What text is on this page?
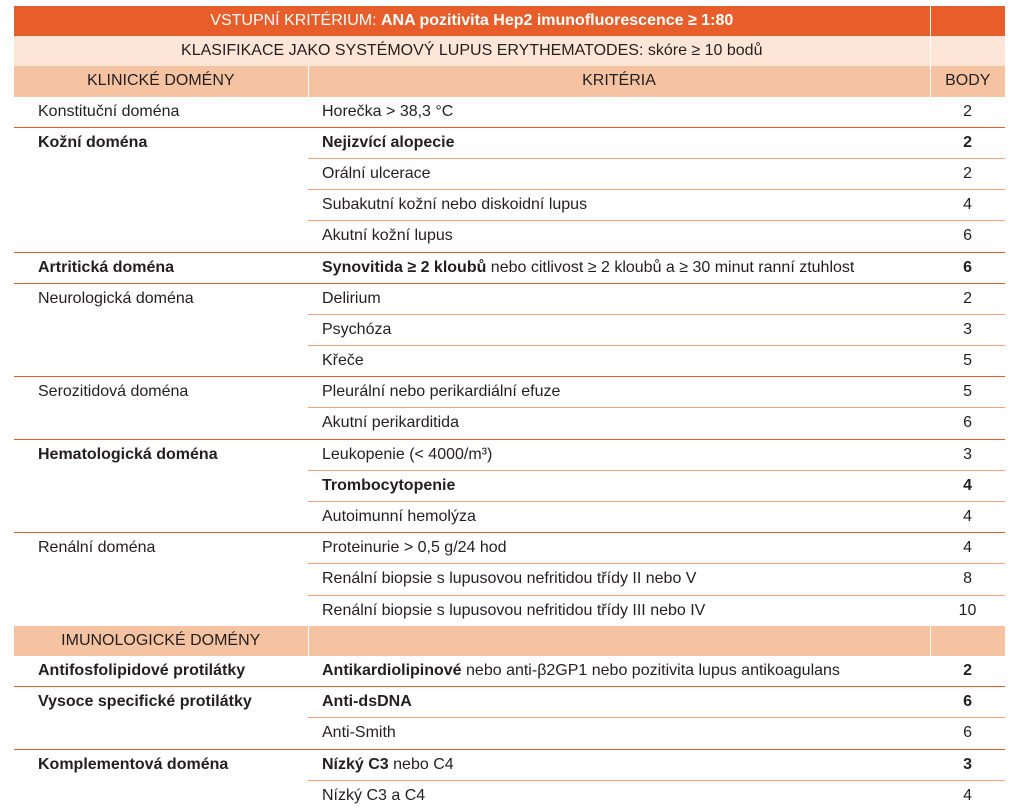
VSTUPNÍ KRITÉRIUM: ANA pozitivita Hep2 imunofluorescence ≥ 1:80		
KLASIFIKACE JAKO SYSTÉMOVÝ LUPUS ERYTHEMATODES: skóre ≥ 10 bodů		
KLINICKÉ DOMÉNY	KRITÉRIA	BODY
Konstituční doména	Horečka > 38,3 °C	2
Kožní doména	Nejizvící alopecie	2
	Orální ulcerace	2
	Subakutní kožní nebo diskoidní lupus	4
	Akutní kožní lupus	6
Artritická doména	Synovitida ≥ 2 kloubů nebo citlivost ≥ 2 kloubů a ≥ 30 minut ranní ztuhlost	6
Neurologická doména	Delirium	2
	Psychóza	3
	Křeče	5
Serozitidová doména	Pleurální nebo perikardiální efuze	5
	Akutní perikarditida	6
Hematologická doména	Leukopenie (< 4000/m³)	3
	Trombocytopenie	4
	Autoimunní hemolýza	4
Renální doména	Proteinurie > 0,5 g/24 hod	4
	Renální biopsie s lupusovou nefritidou třídy II nebo V	8
	Renální biopsie s lupusovou nefritidou třídy III nebo IV	10
IMUNOLOGICKÉ DOMÉNY		
Antifosfolipidové protilátky	Antikardiolipinové nebo anti-β2GP1 nebo pozitivita lupus antikoagulans	2
Vysoce specifické protilátky	Anti-dsDNA	6
	Anti-Smith	6
Komplementová doména	Nízký C3 nebo C4	3
	Nízký C3 a C4	4
